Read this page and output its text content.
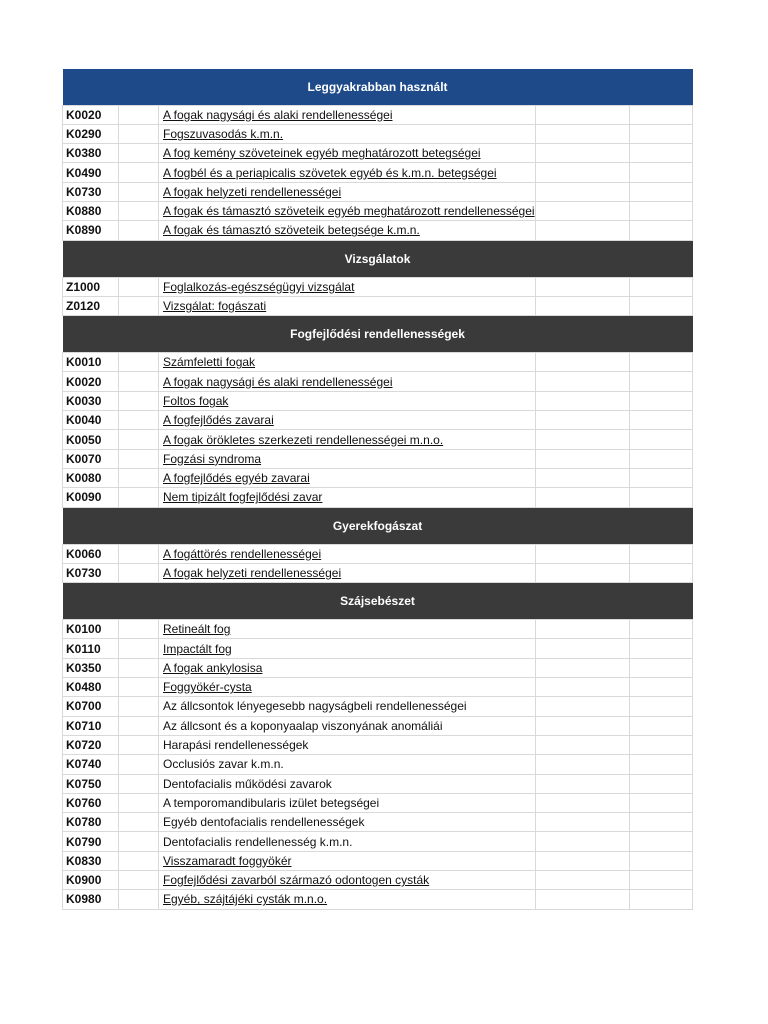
Leggyakrabban használt				
K0020		A fogak nagysági és alaki rendellenességei		
K0290		Fogszuvasodás k.m.n.		
K0380		A fog kemény szöveteinek egyéb meghatározott betegségei		
K0490		A fogbél és a periapicalis szövetek egyéb és k.m.n. betegségei		
K0730		A fogak helyzeti rendellenességei		
K0880		A fogak és támasztó szöveteik egyéb meghatározott rendellenességei		
K0890		A fogak és támasztó szöveteik betegsége k.m.n.		
Vizsgálatok				
Z1000		Foglalkozás-egészségügyi vizsgálat		
Z0120		Vizsgálat: fogászati		
Fogfejlődési rendellenességek				
K0010		Számfeletti fogak		
K0020		A fogak nagysági és alaki rendellenességei		
K0030		Foltos fogak		
K0040		A fogfejlődés zavarai		
K0050		A fogak örökletes szerkezeti rendellenességei m.n.o.		
K0070		Fogzási syndroma		
K0080		A fogfejlődés egyéb zavarai		
K0090		Nem tipizált fogfejlődési zavar		
Gyerekfogászat				
K0060		A fogáttörés rendellenességei		
K0730		A fogak helyzeti rendellenességei		
Szájsebészet				
K0100		Retineált fog		
K0110		Impactált fog		
K0350		A fogak ankylosisa		
K0480		Foggyökér-cysta		
K0700		Az állcsontok lényegesebb nagyságbeli rendellenességei		
K0710		Az állcsont és a koponyaalap viszonyának anomáliái		
K0720		Harapási rendellenességek		
K0740		Occlusiós zavar k.m.n.		
K0750		Dentofacialis működési zavarok		
K0760		A temporomandibularis izület betegségei		
K0780		Egyéb dentofacialis rendellenességek		
K0790		Dentofacialis rendellenesség k.m.n.		
K0830		Visszamaradt foggyökér		
K0900		Fogfejlődési zavarból származó odontogen cysták		
K0980		Egyéb, szájtájéki cysták m.n.o.		
